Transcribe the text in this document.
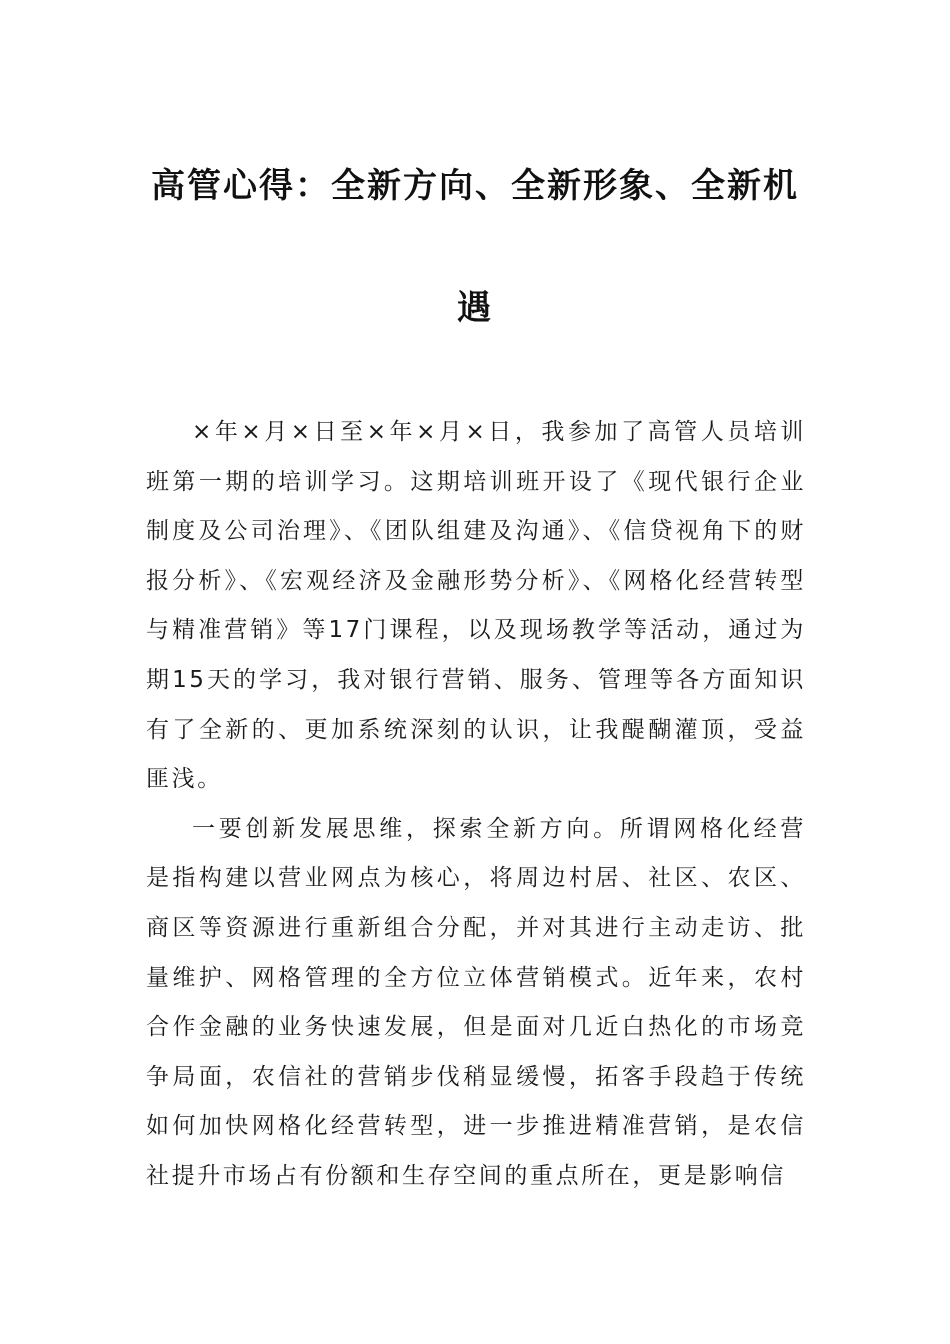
高管心得：全新方向、全新形象、全新机
遇

×年×月×日至×年×月×日，我参加了高管人员培训班第一期的培训学习。这期培训班开设了《现代银行企业制度及公司治理》、《团队组建及沟通》、《信贷视角下的财报分析》、《宏观经济及金融形势分析》、《网格化经营转型与精准营销》等17门课程，以及现场教学等活动，通过为期15天的学习，我对银行营销、服务、管理等各方面知识有了全新的、更加系统深刻的认识，让我醍醐灌顶，受益匪浅。

一要创新发展思维，探索全新方向。所谓网格化经营是指构建以营业网点为核心，将周边村居、社区、农区、商区等资源进行重新组合分配，并对其进行主动走访、批量维护、网格管理的全方位立体营销模式。近年来，农村合作金融的业务快速发展，但是面对几近白热化的市场竞争局面，农信社的营销步伐稍显缓慢，拓客手段趋于传统如何加快网格化经营转型，进一步推进精准营销，是农信社提升市场占有份额和生存空间的重点所在，更是影响信
